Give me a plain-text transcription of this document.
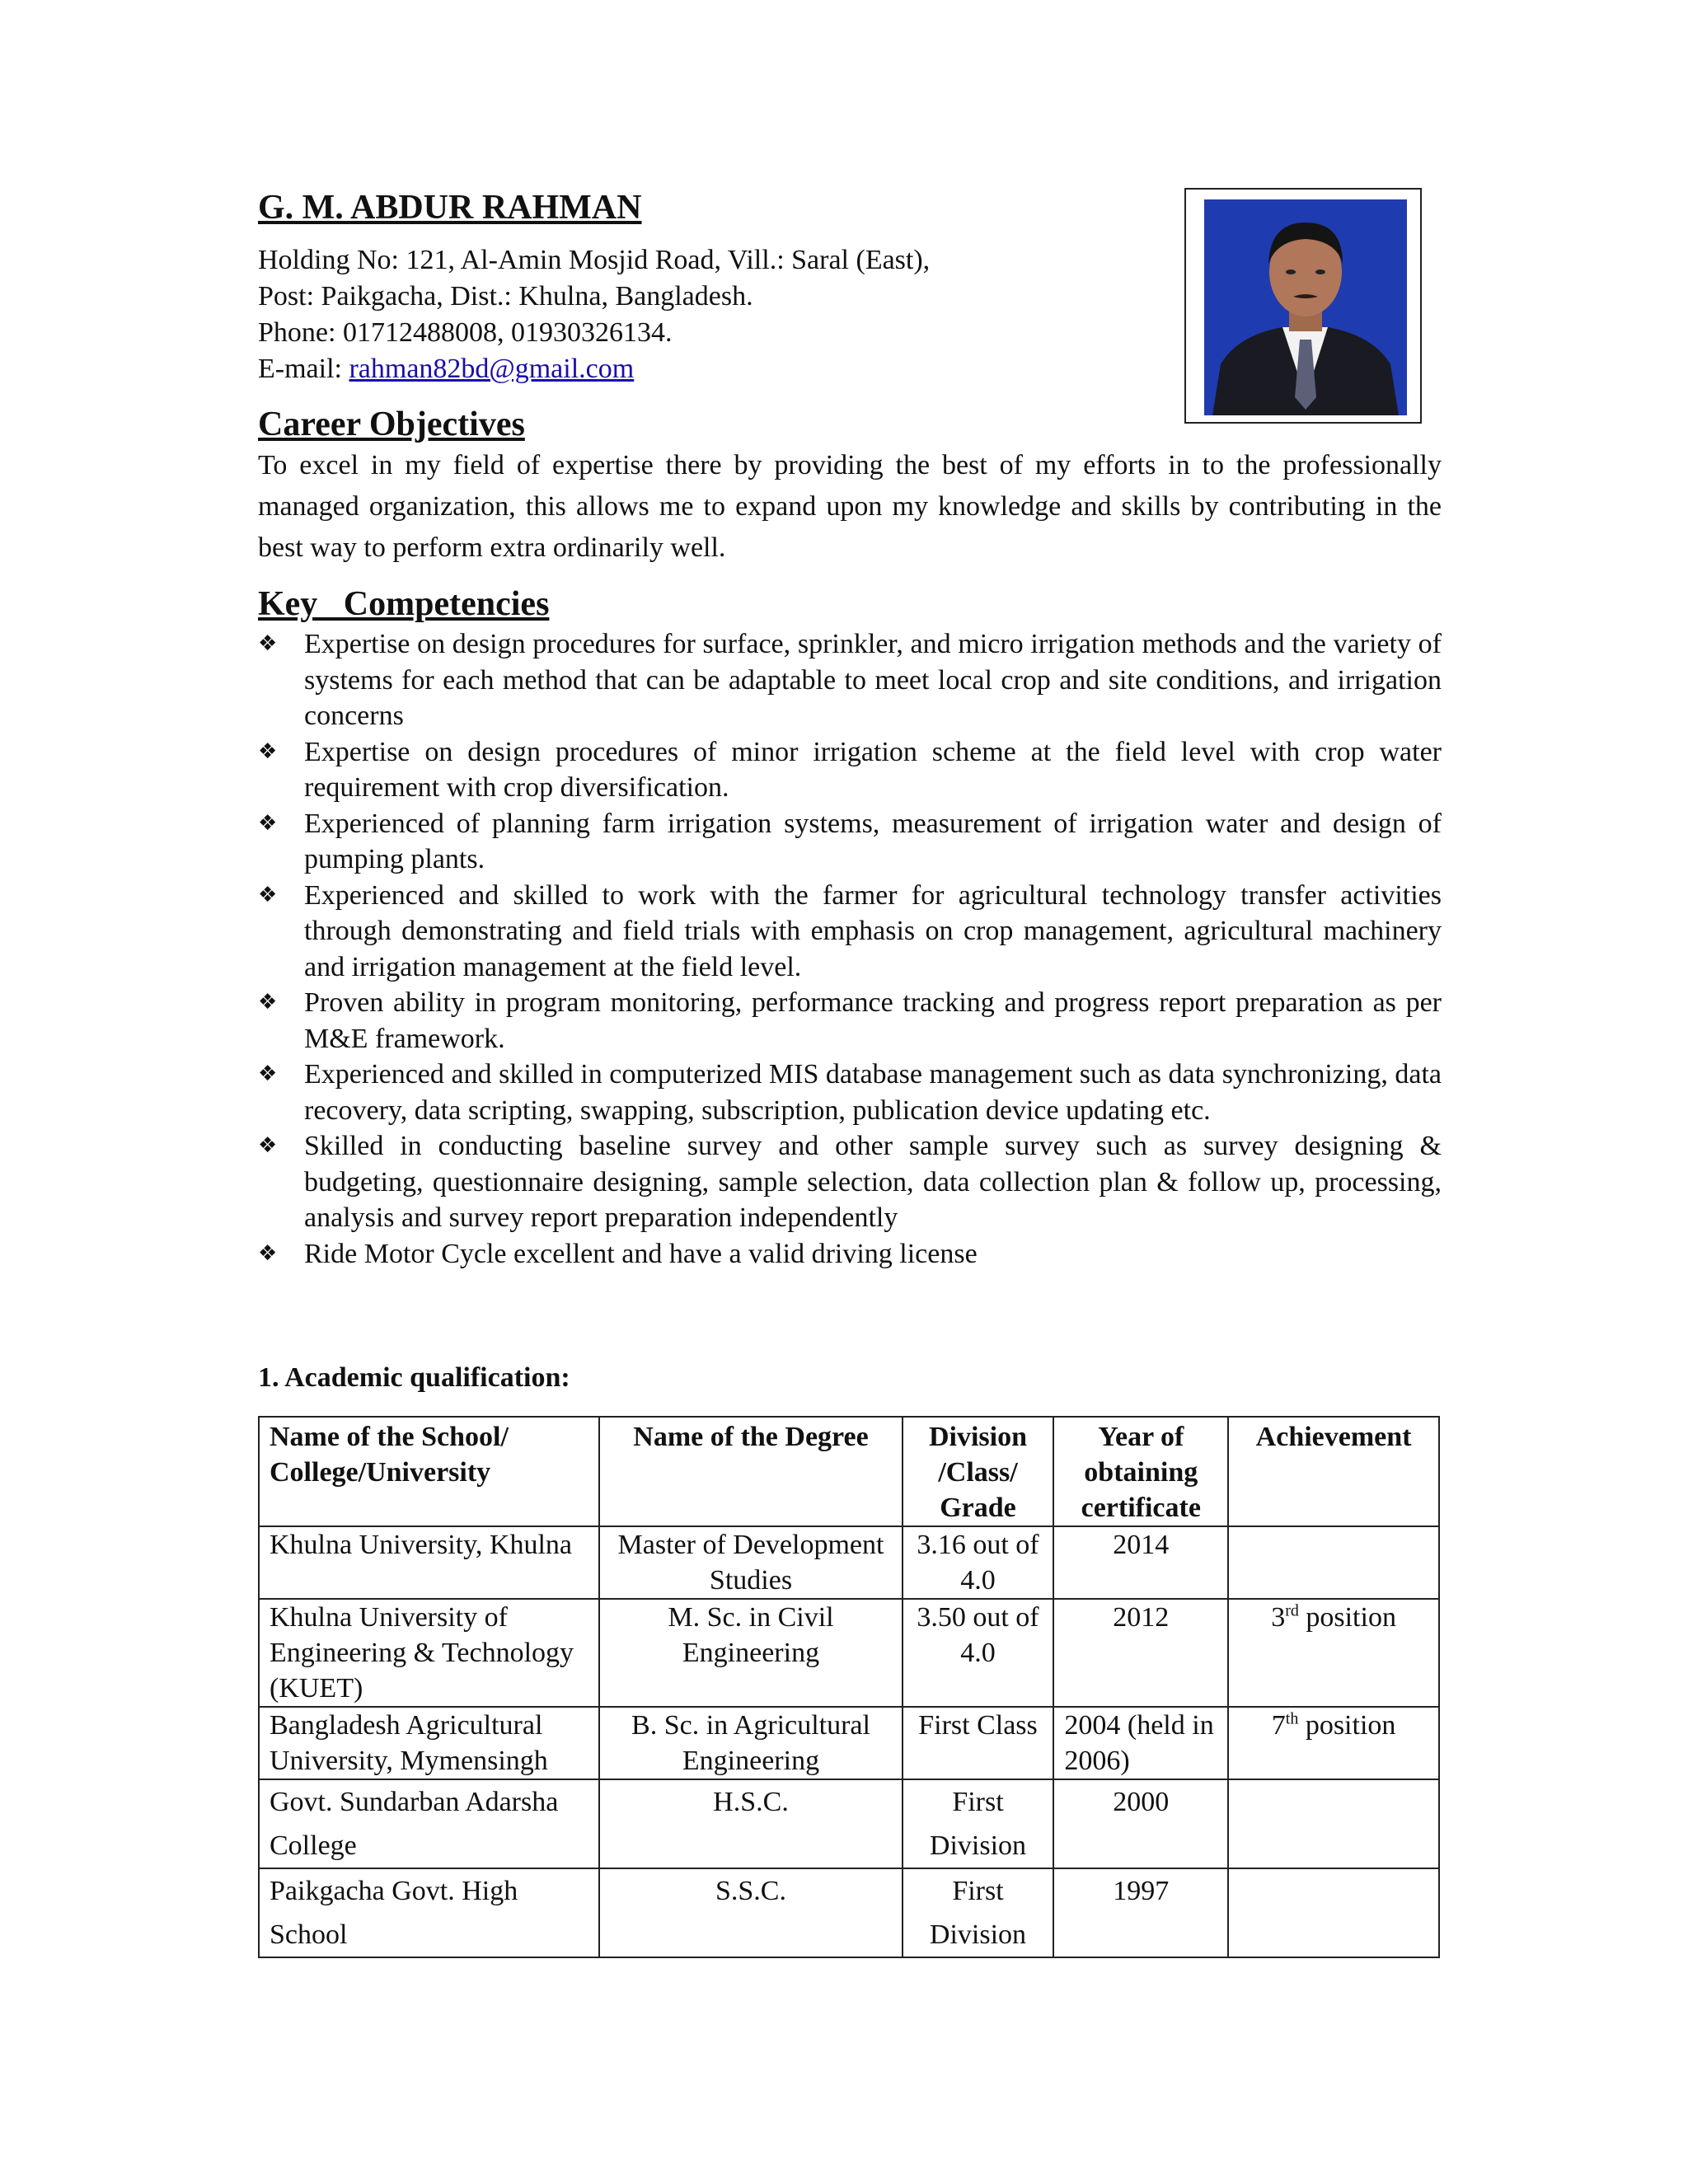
G. M. ABDUR RAHMAN
Holding No: 121, Al-Amin Mosjid Road, Vill.: Saral (East),
Post: Paikgacha, Dist.: Khulna, Bangladesh.
Phone: 01712488008, 01930326134.
E-mail: rahman82bd@gmail.com
Career Objectives
To excel in my field of expertise there by providing the best of my efforts in to the professionally managed organization, this allows me to expand upon my knowledge and skills by contributing in the best way to perform extra ordinarily well.
Key   Competencies
❖ Expertise on design procedures for surface, sprinkler, and micro irrigation methods and the variety of systems for each method that can be adaptable to meet local crop and site conditions, and irrigation concerns
❖ Expertise on design procedures of minor irrigation scheme at the field level with crop water requirement with crop diversification.
❖ Experienced of planning farm irrigation systems, measurement of irrigation water and design of pumping plants.
❖ Experienced and skilled to work with the farmer for agricultural technology transfer activities through demonstrating and field trials with emphasis on crop management, agricultural machinery and irrigation management at the field level.
❖ Proven ability in program monitoring, performance tracking and progress report preparation as per M&E framework.
❖ Experienced and skilled in computerized MIS database management such as data synchronizing, data recovery, data scripting, swapping, subscription, publication device updating etc.
❖ Skilled in conducting baseline survey and other sample survey such as survey designing & budgeting, questionnaire designing, sample selection, data collection plan & follow up, processing, analysis and survey report preparation independently
❖ Ride Motor Cycle excellent and have a valid driving license
1. Academic qualification:
Name of the School/ College/University	Name of the Degree	Division /Class/ Grade	Year of obtaining certificate	Achievement
Khulna University, Khulna	Master of Development Studies	3.16 out of 4.0	2014	
Khulna University of Engineering & Technology (KUET)	M. Sc. in Civil Engineering	3.50 out of 4.0	2012	3rd position
Bangladesh Agricultural University, Mymensingh	B. Sc. in Agricultural Engineering	First Class	2004 (held in 2006)	7th position
Govt. Sundarban Adarsha College	H.S.C.	First Division	2000	
Paikgacha Govt. High School	S.S.C.	First Division	1997	
